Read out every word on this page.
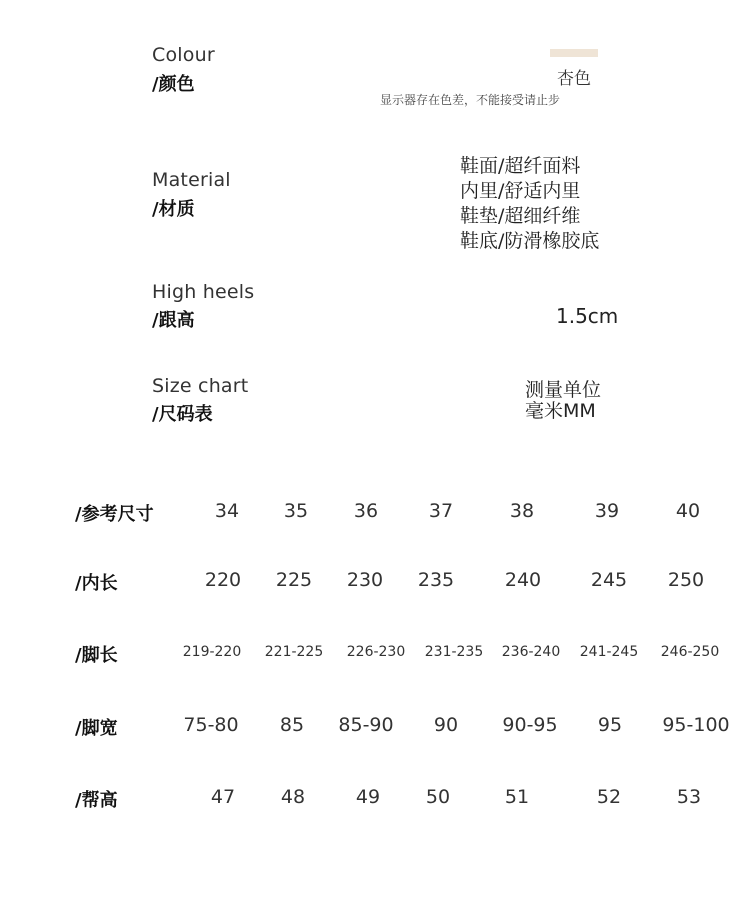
Colour
/颜色	杏色
显示器存在色差，不能接受请止步
Material
/材质
鞋面/超纤面料
内里/舒适内里
鞋垫/超细纤维
鞋底/防滑橡胶底
High heels
/跟高	1.5cm
Size chart
/尺码表
测量单位
毫米MM
/参考尺寸	34 35 36	37	38	39	40
/内长	220 225 230 235	240	245 250
/脚长	219-220 221-225 226-230 231-235 236-240 241-245 246-250
/脚宽	75-80 85 85-90 90 90-95 95 95-100
/帮高	47 48	49 50	51	52	53
